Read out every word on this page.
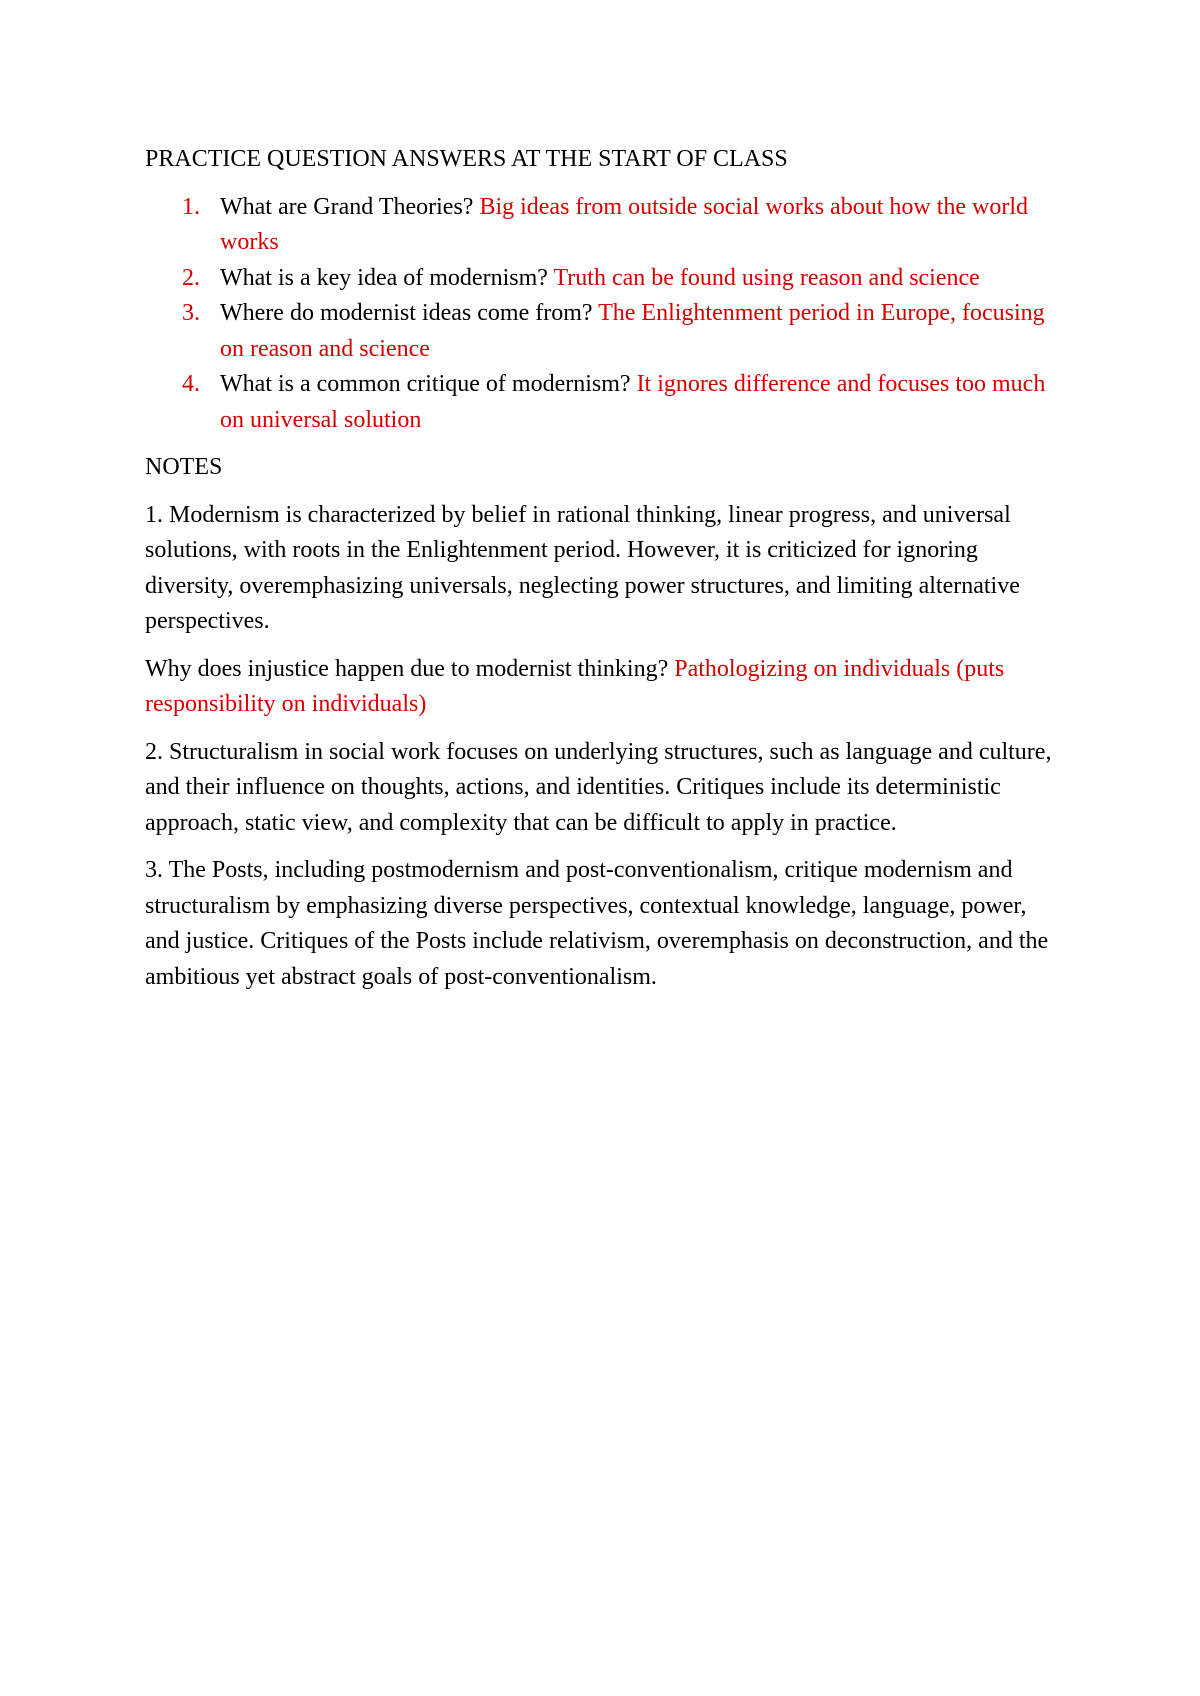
PRACTICE QUESTION ANSWERS AT THE START OF CLASS
1. What are Grand Theories? Big ideas from outside social works about how the world works
2. What is a key idea of modernism? Truth can be found using reason and science
3. Where do modernist ideas come from? The Enlightenment period in Europe, focusing on reason and science
4. What is a common critique of modernism? It ignores difference and focuses too much on universal solution
NOTES

1. Modernism is characterized by belief in rational thinking, linear progress, and universal solutions, with roots in the Enlightenment period. However, it is criticized for ignoring diversity, overemphasizing universals, neglecting power structures, and limiting alternative perspectives.

Why does injustice happen due to modernist thinking? Pathologizing on individuals (puts responsibility on individuals)

2. Structuralism in social work focuses on underlying structures, such as language and culture, and their influence on thoughts, actions, and identities. Critiques include its deterministic approach, static view, and complexity that can be difficult to apply in practice.

3. The Posts, including postmodernism and post-conventionalism, critique modernism and structuralism by emphasizing diverse perspectives, contextual knowledge, language, power, and justice. Critiques of the Posts include relativism, overemphasis on deconstruction, and the ambitious yet abstract goals of post-conventionalism.
